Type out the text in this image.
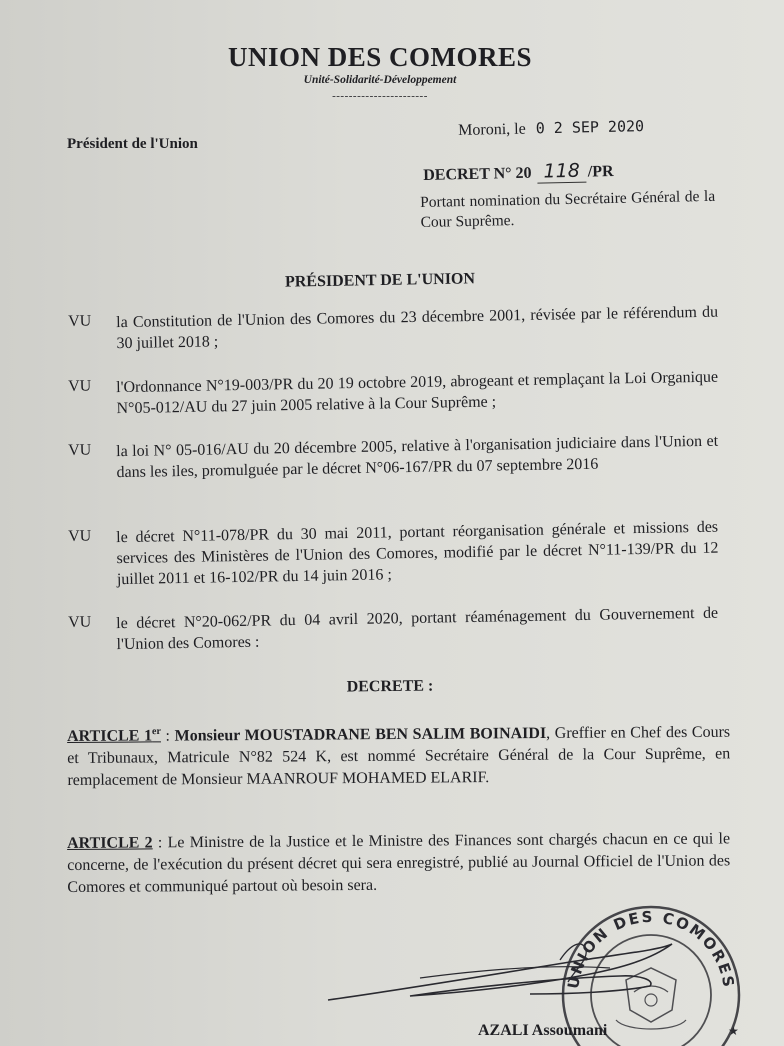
UNION DES COMORES
Unité-Solidarité-Développement
-----------------------
Président de l'Union
Moroni, le 0 2 SEP 2020
DECRET N° 20 118 /PR
Portant nomination du Secrétaire Général de la Cour Suprême.
PRÉSIDENT DE L'UNION
VU la Constitution de l'Union des Comores du 23 décembre 2001, révisée par le référendum du 30 juillet 2018 ;
VU l'Ordonnance N°19-003/PR du 20 19 octobre 2019, abrogeant et remplaçant la Loi Organique N°05-012/AU du 27 juin 2005 relative à la Cour Suprême ;
VU la loi N° 05-016/AU du 20 décembre 2005, relative à l'organisation judiciaire dans l'Union et dans les iles, promulguée par le décret N°06-167/PR du 07 septembre 2016
VU le décret N°11-078/PR du 30 mai 2011, portant réorganisation générale et missions des services des Ministères de l'Union des Comores, modifié par le décret N°11-139/PR du 12 juillet 2011 et 16-102/PR du 14 juin 2016 ;
VU le décret N°20-062/PR du 04 avril 2020, portant réaménagement du Gouvernement de l'Union des Comores :
DECRETE :
ARTICLE 1er : Monsieur MOUSTADRANE BEN SALIM BOINAIDI, Greffier en Chef des Cours et Tribunaux, Matricule N°82 524 K, est nommé Secrétaire Général de la Cour Suprême, en remplacement de Monsieur MAANROUF MOHAMED ELARIF.
ARTICLE 2 : Le Ministre de la Justice et le Ministre des Finances sont chargés chacun en ce qui le concerne, de l'exécution du présent décret qui sera enregistré, publié au Journal Officiel de l'Union des Comores et communiqué partout où besoin sera.
UNION DES COMORES
★
AZALI Assoumani
